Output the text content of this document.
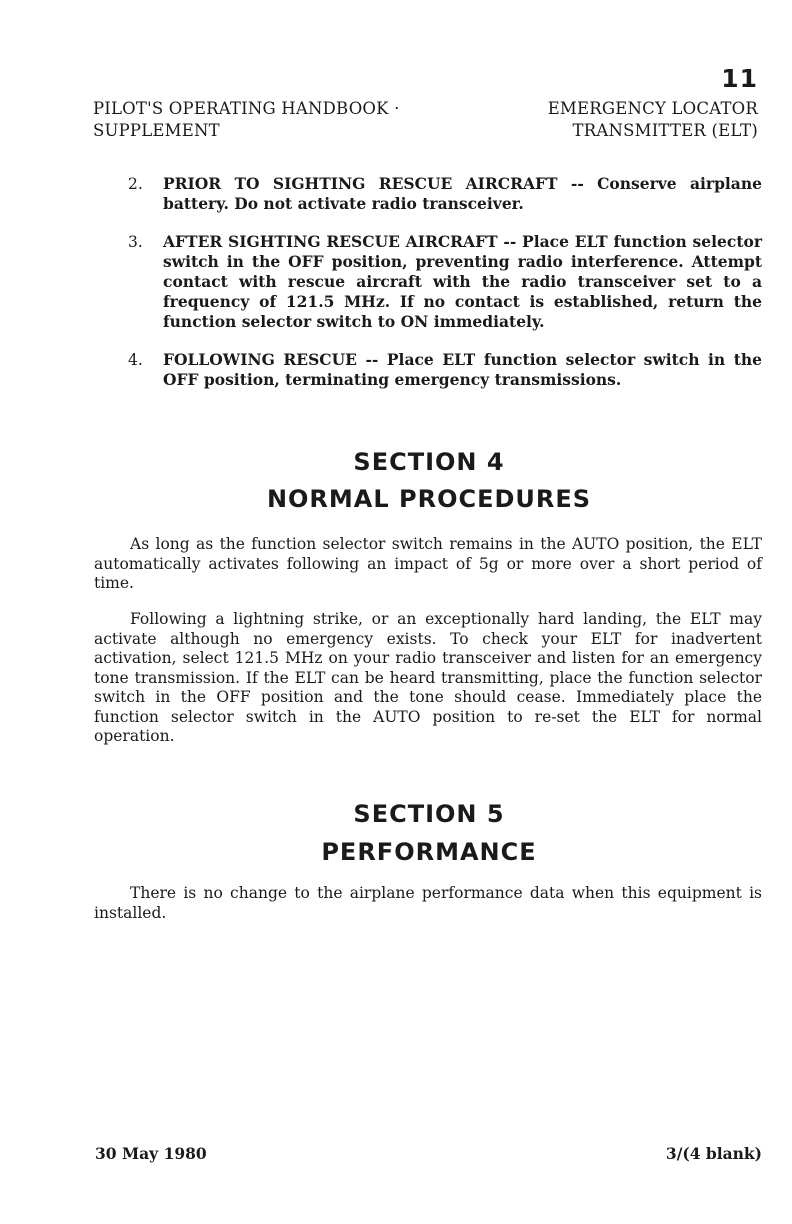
11
PILOT'S OPERATING HANDBOOK ·
SUPPLEMENT
EMERGENCY LOCATOR
TRANSMITTER (ELT)
2.	PRIOR TO SIGHTING RESCUE AIRCRAFT -- Conserve airplane battery. Do not activate radio transceiver.
3.	AFTER SIGHTING RESCUE AIRCRAFT -- Place ELT function selector switch in the OFF position, preventing radio interference. Attempt contact with rescue aircraft with the radio transceiver set to a frequency of 121.5 MHz. If no contact is established, return the function selector switch to ON immediately.
4.	FOLLOWING RESCUE -- Place ELT function selector switch in the OFF position, terminating emergency transmissions.
SECTION 4
NORMAL PROCEDURES
As long as the function selector switch remains in the AUTO position, the ELT automatically activates following an impact of 5g or more over a short period of time.
Following a lightning strike, or an exceptionally hard landing, the ELT may activate although no emergency exists. To check your ELT for inadvertent activation, select 121.5 MHz on your radio transceiver and listen for an emergency tone transmission. If the ELT can be heard transmitting, place the function selector switch in the OFF position and the tone should cease. Immediately place the function selector switch in the AUTO position to re-set the ELT for normal operation.
SECTION 5
PERFORMANCE
There is no change to the airplane performance data when this equipment is installed.
30 May 1980	3/(4 blank)
